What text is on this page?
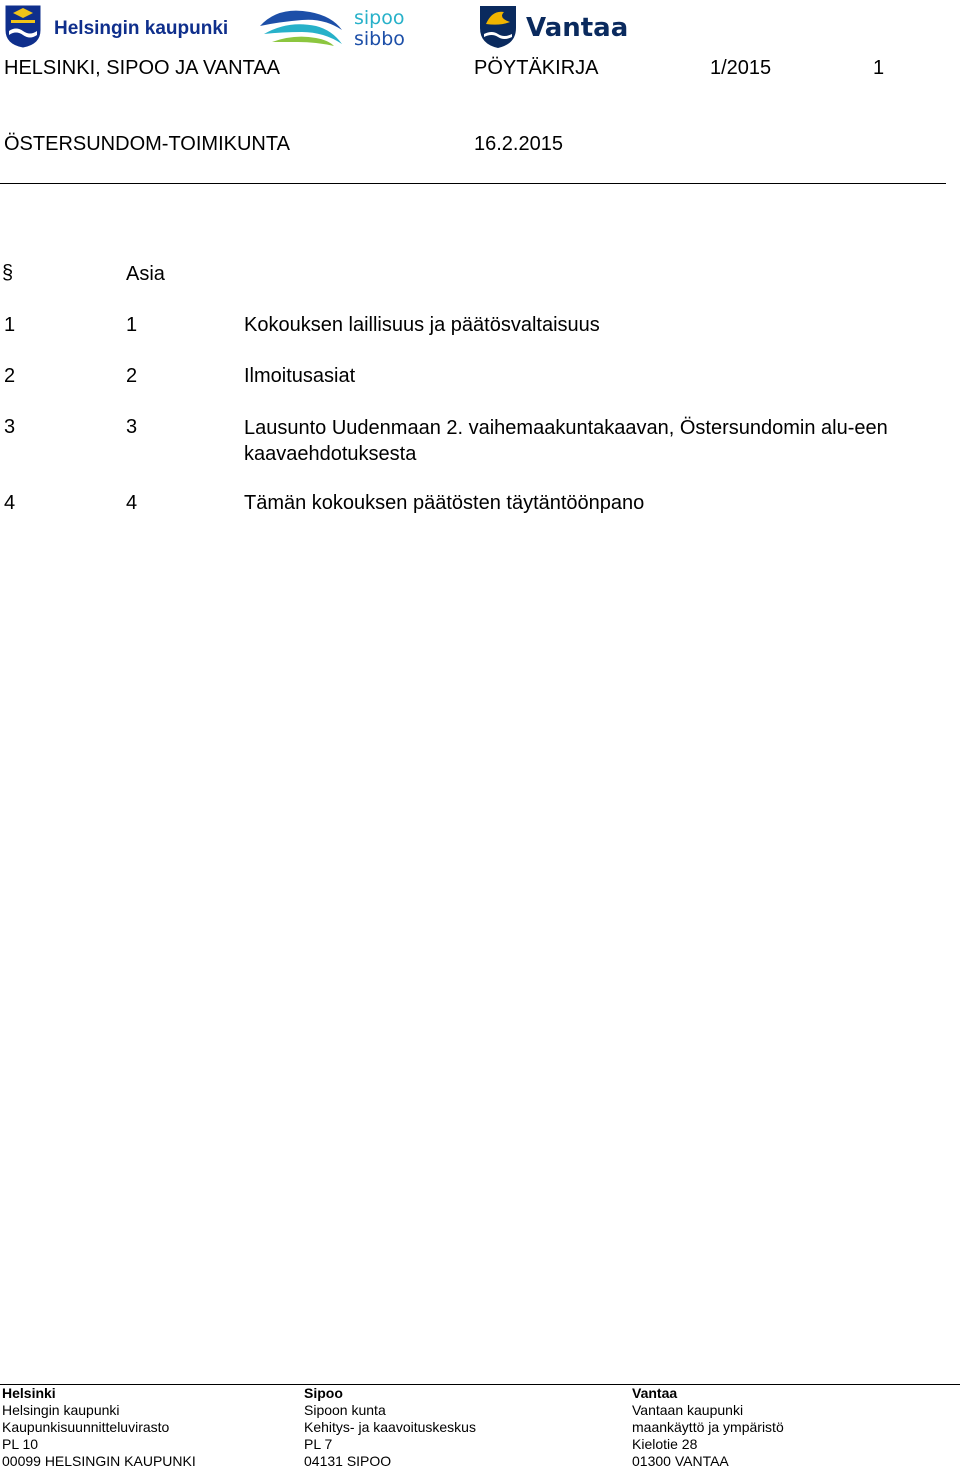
Helsingin kaupunki	sipoo
sibbo	Vantaa
HELSINKI, SIPOO JA VANTAA	PÖYTÄKIRJA	1/2015	1
ÖSTERSUNDOM-TOIMIKUNTA	16.2.2015
§	Asia
1	1	Kokouksen laillisuus ja päätösvaltaisuus
2	2	Ilmoitusasiat
3	3	Lausunto Uudenmaan 2. vaihemaakuntakaavan, Östersundomin alu-een kaavaehdotuksesta
4	4	Tämän kokouksen päätösten täytäntöönpano
Helsinki
Helsingin kaupunki
Kaupunkisuunnitteluvirasto
PL 10
00099 HELSINGIN KAUPUNKI
Sipoo
Sipoon kunta
Kehitys- ja kaavoituskeskus
PL 7
04131 SIPOO
Vantaa
Vantaan kaupunki
maankäyttö ja ympäristö
Kielotie 28
01300 VANTAA
